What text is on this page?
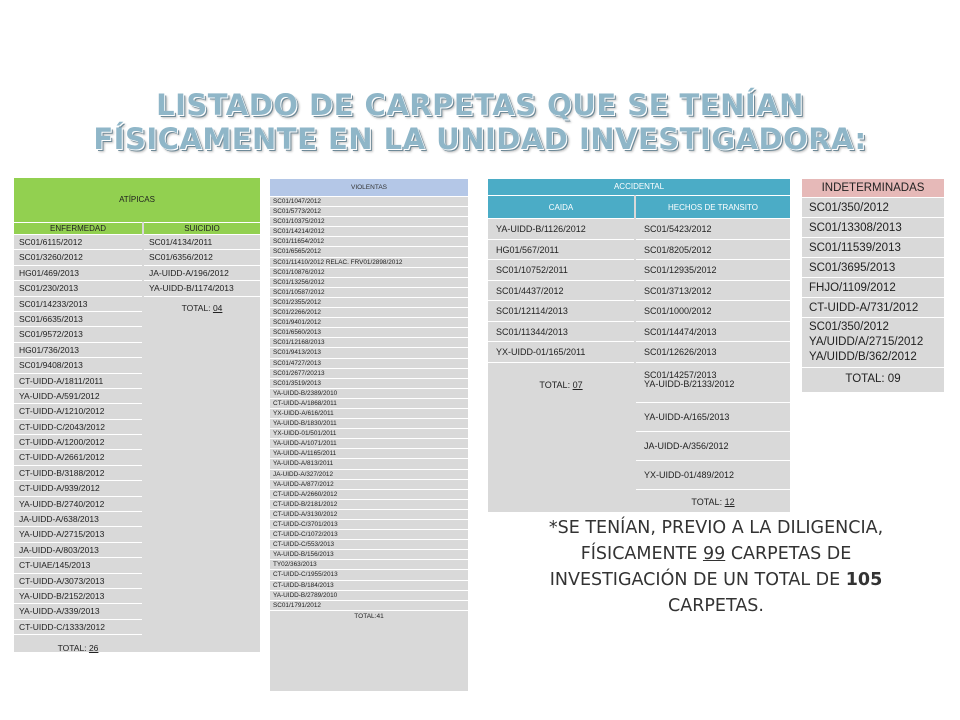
LISTADO DE CARPETAS QUE SE TENÍAN
FÍSICAMENTE EN LA UNIDAD INVESTIGADORA:
ATÍPICAS
ENFERMEDAD	SUICIDIO
SC01/6115/2012
SC01/3260/2012
HG01/469/2013
SC01/230/2013
SC01/14233/2013
SC01/6635/2013
SC01/9572/2013
HG01/736/2013
SC01/9408/2013
CT-UIDD-A/1811/2011
YA-UIDD-A/591/2012
CT-UIDD-A/1210/2012
CT-UIDD-C/2043/2012
CT-UIDD-A/1200/2012
CT-UIDD-A/2661/2012
CT-UIDD-B/3188/2012
CT-UIDD-A/939/2012
YA-UIDD-B/2740/2012
JA-UIDD-A/638/2013
YA-UIDD-A/2715/2013
JA-UIDD-A/803/2013
CT-UIAE/145/2013
CT-UIDD-A/3073/2013
YA-UIDD-B/2152/2013
YA-UIDD-A/339/2013
CT-UIDD-C/1333/2012
TOTAL: 26
SC01/4134/2011
SC01/6356/2012
JA-UIDD-A/196/2012
YA-UIDD-B/1174/2013
TOTAL: 04
VIOLENTAS
SC01/1047/2012
SC01/5773/2012
SC01/10375/2012
SC01/14214/2012
SC01/11654/2012
SC01/6565/2012
SC01/11410/2012 RELAC. FRV01/2898/2012
SC01/10876/2012
SC01/13256/2012
SC01/10587/2012
SC01/2355/2012
SC01/2266/2012
SC01/9401/2012
SC01/6560/2013
SC01/12168/2013
SC01/9413/2013
SC01/4727/2013
SC01/2677/20213
SC01/3519/2013
YA-UIDD-B/2389/2010
CT-UIDD-A/1868/2011
YX-UIDD-A/616/2011
YA-UIDD-B/1830/2011
YX-UIDD-01/501/2011
YA-UIDD-A/1071/2011
YA-UIDD-A/1165/2011
YA-UIDD-A/813/2011
JA-UIDD-A/327/2012
YA-UIDD-A/877/2012
CT-UIDD-A/2660/2012
CT-UIDD-B/2181/2012
CT-UIDD-A/3130/2012
CT-UIDD-C/3701/2013
CT-UIDD-C/1072/2013
CT-UIDD-C/553/2013
YA-UIDD-B/156/2013
TY02/363/2013
CT-UIDD-C/1955/2013
CT-UIDD-B/184/2013
YA-UIDD-B/2789/2010
SC01/1791/2012
TOTAL:41
ACCIDENTAL
CAIDA	HECHOS DE TRANSITO
YA-UIDD-B/1126/2012
HG01/567/2011
SC01/10752/2011
SC01/4437/2012
SC01/12114/2013
SC01/11344/2013
YX-UIDD-01/165/2011
TOTAL: 07
SC01/5423/2012
SC01/8205/2012
SC01/12935/2012
SC01/3713/2012
SC01/1000/2012
SC01/14474/2013
SC01/12626/2013
SC01/14257/2013
YA-UIDD-B/2133/2012
YA-UIDD-A/165/2013
JA-UIDD-A/356/2012
YX-UIDD-01/489/2012
TOTAL: 12
INDETERMINADAS
SC01/350/2012
SC01/13308/2013
SC01/11539/2013
SC01/3695/2013
FHJO/1109/2012
CT-UIDD-A/731/2012
SC01/350/2012
YA/UIDD/A/2715/2012
YA/UIDD/B/362/2012
TOTAL: 09
*SE TENÍAN, PREVIO A LA DILIGENCIA,
FÍSICAMENTE 99 CARPETAS DE
INVESTIGACIÓN DE UN TOTAL DE 105
CARPETAS.
